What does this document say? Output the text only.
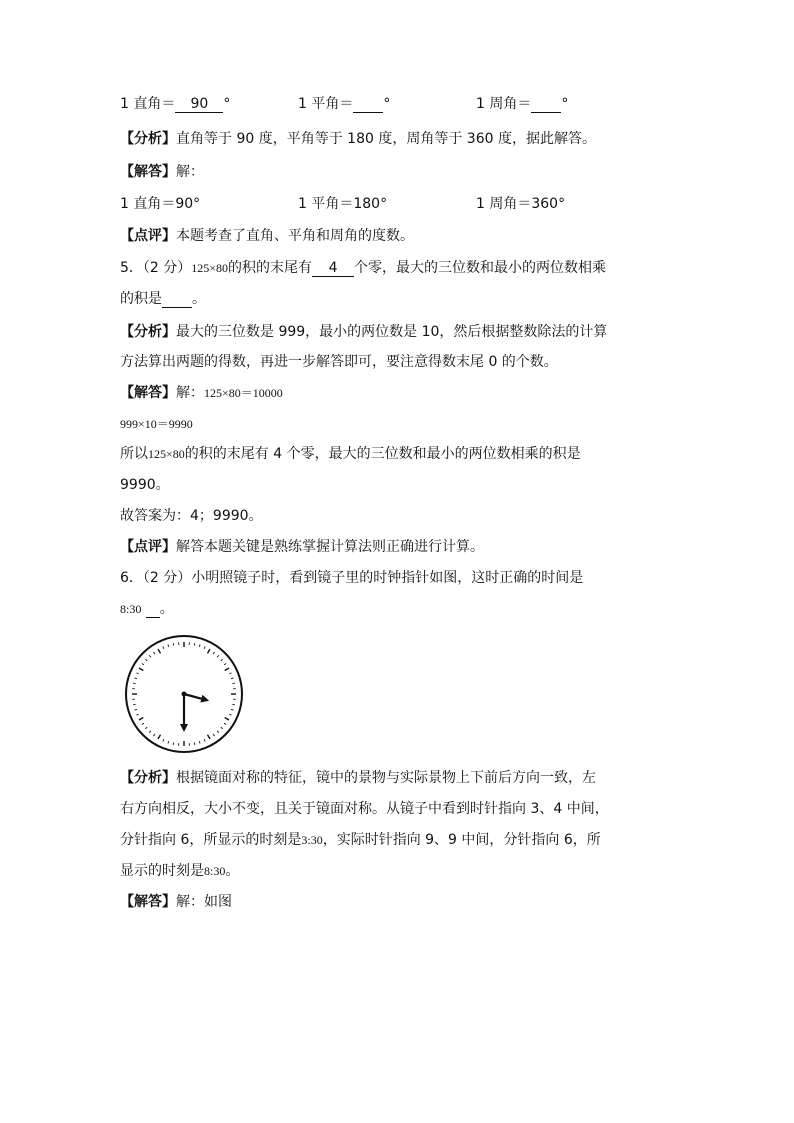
1 直角＝ 90 °	1 平角＝ °	1 周角＝ °
【分析】直角等于 90 度，平角等于 180 度，周角等于 360 度，据此解答。
【解答】解：
1 直角＝90°	1 平角＝180°	1 周角＝360°
【点评】本题考查了直角、平角和周角的度数。
5．（2 分）125×80的积的末尾有 4 个零，最大的三位数和最小的两位数相乘
的积是 。
【分析】最大的三位数是 999，最小的两位数是 10，然后根据整数除法的计算
方法算出两题的得数，再进一步解答即可，要注意得数末尾 0 的个数。
【解答】解：125×80＝10000
999×10＝9990
所以125×80的积的末尾有 4 个零，最大的三位数和最小的两位数相乘的积是
9990。
故答案为：4；9990。
【点评】解答本题关键是熟练掌握计算法则正确进行计算。
6．（2 分）小明照镜子时，看到镜子里的时钟指针如图，这时正确的时间是
8:30 。
【分析】根据镜面对称的特征，镜中的景物与实际景物上下前后方向一致，左
右方向相反，大小不变，且关于镜面对称。从镜子中看到时针指向 3、4 中间，
分针指向 6，所显示的时刻是3:30，实际时针指向 9、9 中间，分针指向 6，所
显示的时刻是8:30。
【解答】解：如图
